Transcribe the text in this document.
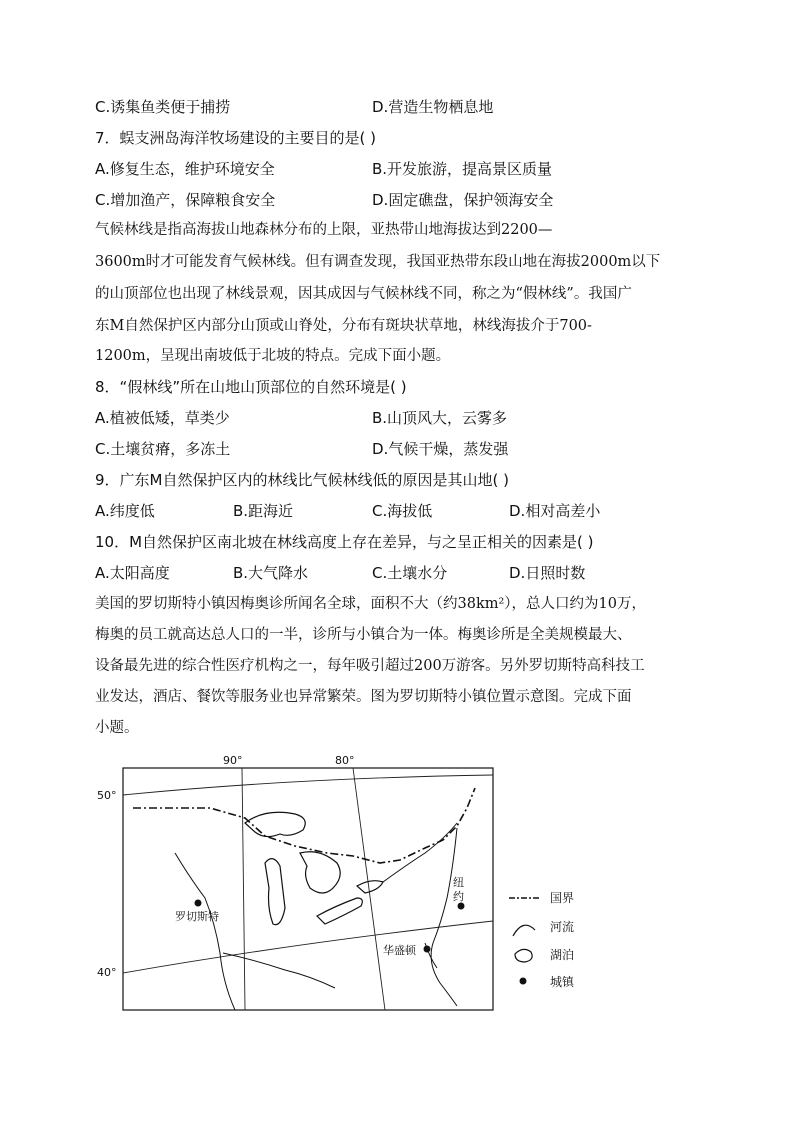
C.诱集鱼类便于捕捞	D.营造生物栖息地
7．蜈支洲岛海洋牧场建设的主要目的是( )
A.修复生态，维护环境安全	B.开发旅游，提高景区质量
C.增加渔产，保障粮食安全	D.固定礁盘，保护领海安全
气候林线是指高海拔山地森林分布的上限，亚热带山地海拔达到2200—
3600m时才可能发育气候林线。但有调查发现，我国亚热带东段山地在海拔2000m以下
的山顶部位也出现了林线景观，因其成因与气候林线不同，称之为“假林线”。我国广
东M自然保护区内部分山顶或山脊处，分布有斑块状草地，林线海拔介于700-
1200m，呈现出南坡低于北坡的特点。完成下面小题。
8．“假林线”所在山地山顶部位的自然环境是( )
A.植被低矮，草类少	B.山顶风大，云雾多
C.土壤贫瘠，多冻土	D.气候干燥，蒸发强
9．广东M自然保护区内的林线比气候林线低的原因是其山地( )
A.纬度低	B.距海近	C.海拔低	D.相对高差小
10．M自然保护区南北坡在林线高度上存在差异，与之呈正相关的因素是( )
A.太阳高度	B.大气降水	C.土壤水分	D.日照时数
美国的罗切斯特小镇因梅奥诊所闻名全球，面积不大（约38km²），总人口约为10万，
梅奥的员工就高达总人口的一半，诊所与小镇合为一体。梅奥诊所是全美规模最大、
设备最先进的综合性医疗机构之一，每年吸引超过200万游客。另外罗切斯特高科技工
业发达，酒店、餐饮等服务业也异常繁荣。图为罗切斯特小镇位置示意图。完成下面
小题。
90°	80°
50°
40°
罗切斯特
纽
约
华盛顿
国界
河流
湖泊
城镇
